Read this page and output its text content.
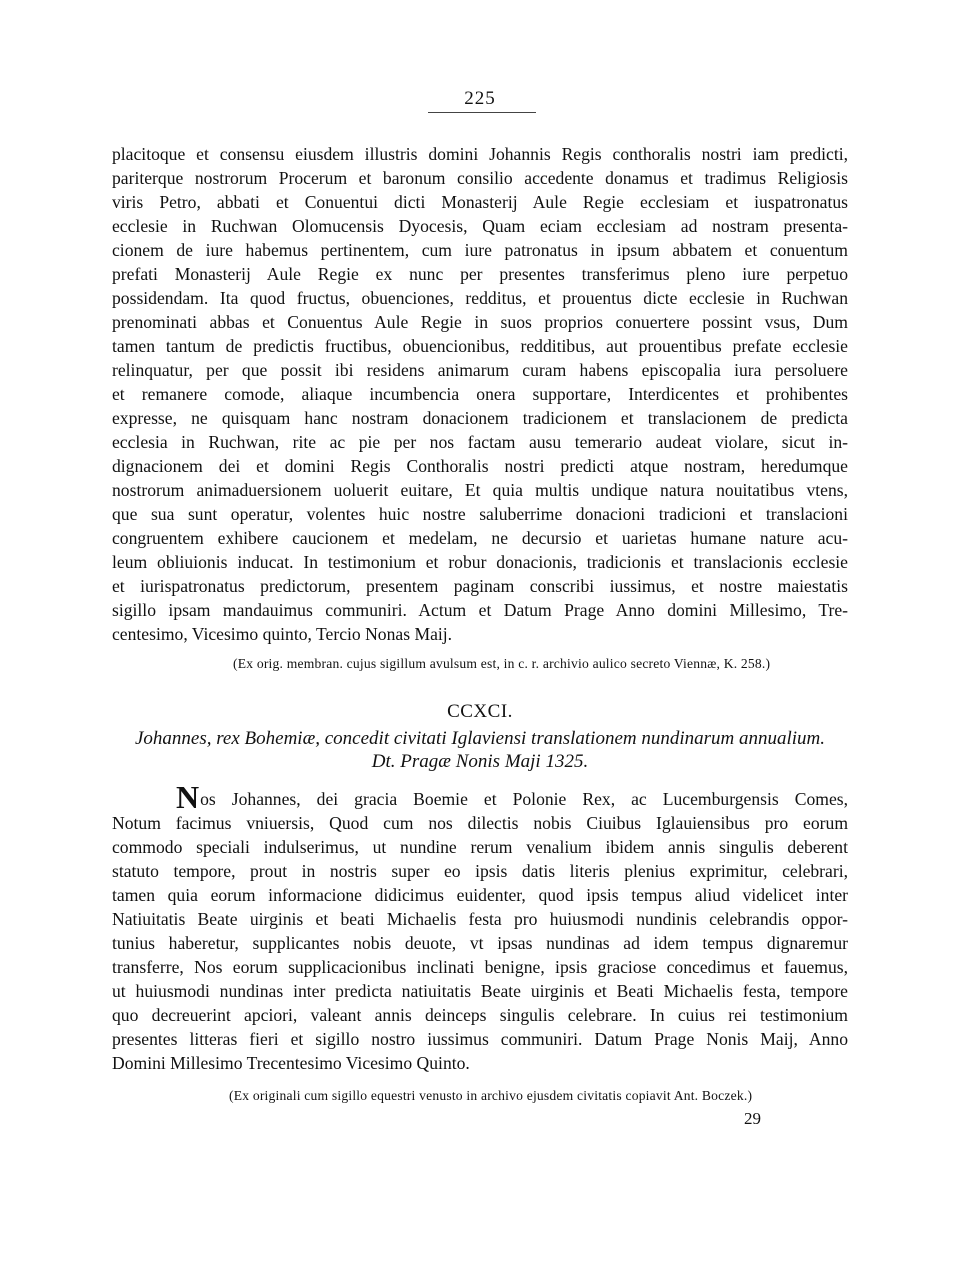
225
placitoque et consensu eiusdem illustris domini Johannis Regis conthoralis nostri iam predicti,
pariterque nostrorum Procerum et baronum consilio accedente donamus et tradimus Religiosis
viris Petro, abbati et Conuentui dicti Monasterij Aule Regie ecclesiam et iuspatronatus
ecclesie in Ruchwan Olomucensis Dyocesis, Quam eciam ecclesiam ad nostram presenta-
cionem de iure habemus pertinentem, cum iure patronatus in ipsum abbatem et conuentum
prefati Monasterij Aule Regie ex nunc per presentes transferimus pleno iure perpetuo
possidendam. Ita quod fructus, obuenciones, redditus, et prouentus dicte ecclesie in Ruchwan
prenominati abbas et Conuentus Aule Regie in suos proprios conuertere possint vsus, Dum
tamen tantum de predictis fructibus, obuencionibus, redditibus, aut prouentibus prefate ecclesie
relinquatur, per que possit ibi residens animarum curam habens episcopalia iura persoluere
et remanere comode, aliaque incumbencia onera supportare, Interdicentes et prohibentes
expresse, ne quisquam hanc nostram donacionem tradicionem et translacionem de predicta
ecclesia in Ruchwan, rite ac pie per nos factam ausu temerario audeat violare, sicut in-
dignacionem dei et domini Regis Conthoralis nostri predicti atque nostram, heredumque
nostrorum animaduersionem uoluerit euitare, Et quia multis undique natura nouitatibus vtens,
que sua sunt operatur, volentes huic nostre saluberrime donacioni tradicioni et translacioni
congruentem exhibere caucionem et medelam, ne decursio et uarietas humane nature acu-
leum obliuionis inducat. In testimonium et robur donacionis, tradicionis et translacionis ecclesie
et iurispatronatus predictorum, presentem paginam conscribi iussimus, et nostre maiestatis
sigillo ipsam mandauimus communiri. Actum et Datum Prage Anno domini Millesimo, Tre-
centesimo, Vicesimo quinto, Tercio Nonas Maij.
(Ex orig. membran. cujus sigillum avulsum est, in c. r. archivio aulico secreto Viennæ, K. 258.)
CCXCI.
Johannes, rex Bohemiæ, concedit civitati Iglaviensi translationem nundinarum annualium.
Dt. Pragæ Nonis Maji 1325.
Nos Johannes, dei gracia Boemie et Polonie Rex, ac Lucemburgensis Comes,
Notum facimus vniuersis, Quod cum nos dilectis nobis Ciuibus Iglauiensibus pro eorum
commodo speciali indulserimus, ut nundine rerum venalium ibidem annis singulis deberent
statuto tempore, prout in nostris super eo ipsis datis literis plenius exprimitur, celebrari,
tamen quia eorum informacione didicimus euidenter, quod ipsis tempus aliud videlicet inter
Natiuitatis Beate uirginis et beati Michaelis festa pro huiusmodi nundinis celebrandis oppor-
tunius haberetur, supplicantes nobis deuote, vt ipsas nundinas ad idem tempus dignaremur
transferre, Nos eorum supplicacionibus inclinati benigne, ipsis graciose concedimus et fauemus,
ut huiusmodi nundinas inter predicta natiuitatis Beate uirginis et Beati Michaelis festa, tempore
quo decreuerint apciori, valeant annis deinceps singulis celebrare. In cuius rei testimonium
presentes litteras fieri et sigillo nostro iussimus communiri. Datum Prage Nonis Maij, Anno
Domini Millesimo Trecentesimo Vicesimo Quinto.
(Ex originali cum sigillo equestri venusto in archivo ejusdem civitatis copiavit Ant. Boczek.)
29
